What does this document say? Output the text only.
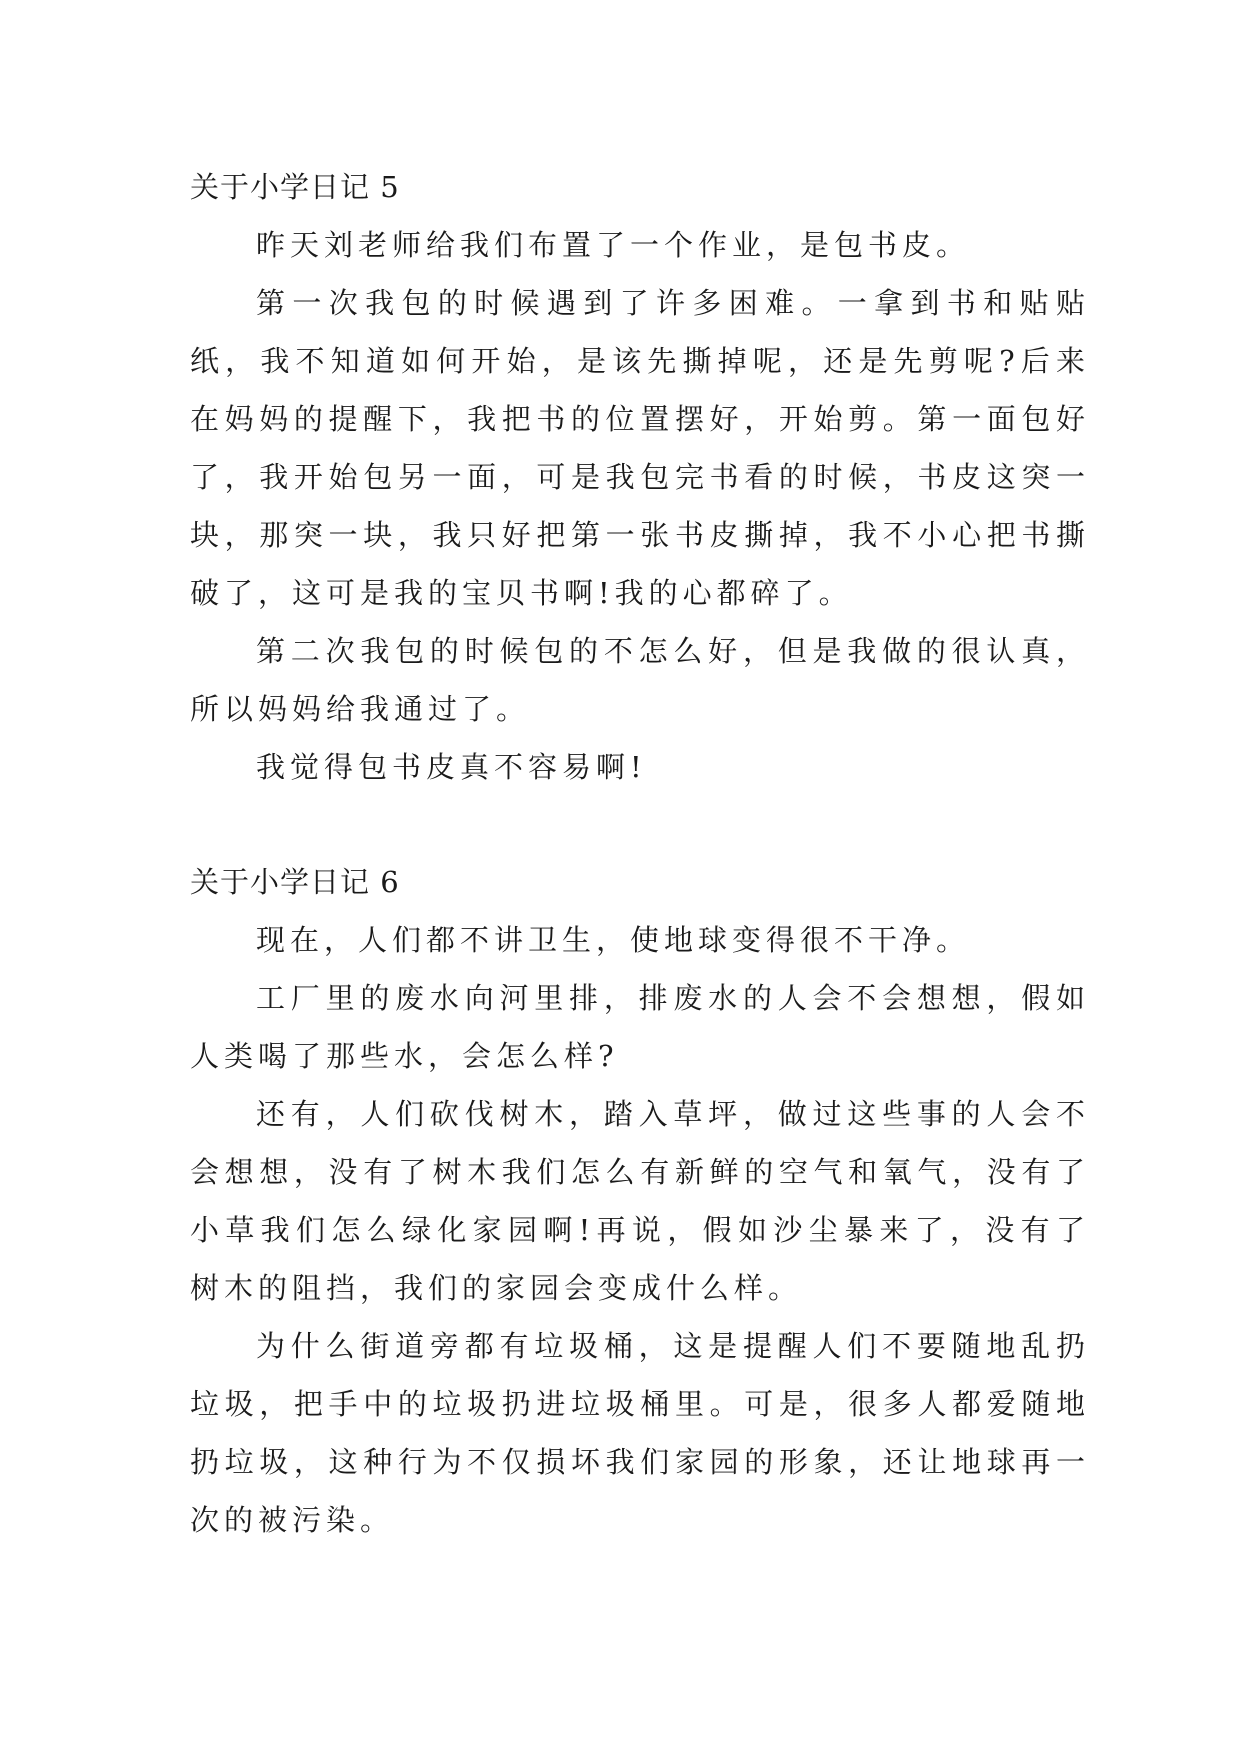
关于小学日记 5

昨天刘老师给我们布置了一个作业，是包书皮。

第一次我包的时候遇到了许多困难。一拿到书和贴贴纸，我不知道如何开始，是该先撕掉呢，还是先剪呢?后来在妈妈的提醒下，我把书的位置摆好，开始剪。第一面包好了，我开始包另一面，可是我包完书看的时候，书皮这突一块，那突一块，我只好把第一张书皮撕掉，我不小心把书撕破了，这可是我的宝贝书啊!我的心都碎了。

第二次我包的时候包的不怎么好，但是我做的很认真，所以妈妈给我通过了。

我觉得包书皮真不容易啊!

关于小学日记 6

现在，人们都不讲卫生，使地球变得很不干净。

工厂里的废水向河里排，排废水的人会不会想想，假如人类喝了那些水，会怎么样?

还有，人们砍伐树木，踏入草坪，做过这些事的人会不会想想，没有了树木我们怎么有新鲜的空气和氧气，没有了小草我们怎么绿化家园啊!再说，假如沙尘暴来了，没有了树木的阻挡，我们的家园会变成什么样。

为什么街道旁都有垃圾桶，这是提醒人们不要随地乱扔垃圾，把手中的垃圾扔进垃圾桶里。可是，很多人都爱随地扔垃圾，这种行为不仅损坏我们家园的形象，还让地球再一次的被污染。
